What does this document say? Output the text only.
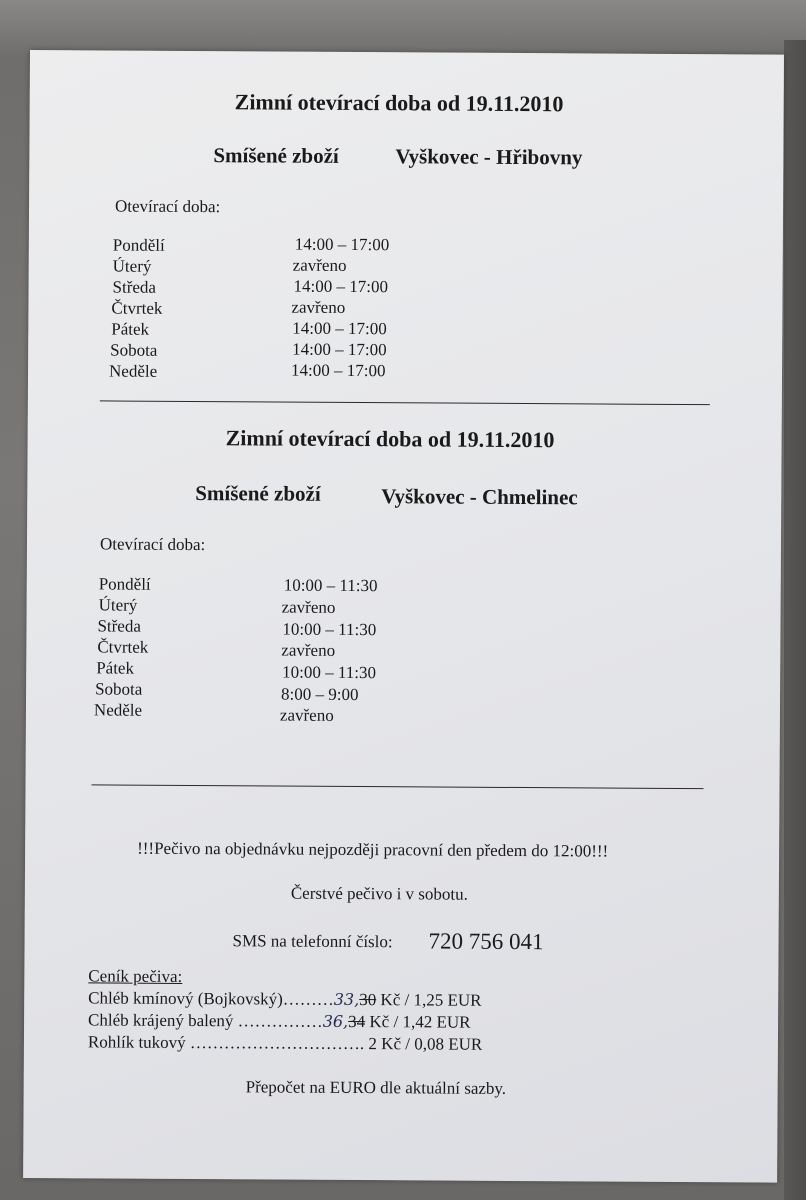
Zimní otevírací doba od 19.11.2010
Smíšené zboží	Vyškovec - Hřibovny
Otevírací doba:
Pondělí	14:00 – 17:00
Úterý	zavřeno
Středa	14:00 – 17:00
Čtvrtek	zavřeno
Pátek	14:00 – 17:00
Sobota	14:00 – 17:00
Neděle	14:00 – 17:00
Zimní otevírací doba od 19.11.2010
Smíšené zboží	Vyškovec - Chmelinec
Otevírací doba:
Pondělí	10:00 – 11:30
Úterý	zavřeno
Středa	10:00 – 11:30
Čtvrtek	zavřeno
Pátek	10:00 – 11:30
Sobota	8:00 – 9:00
Neděle	zavřeno
!!!Pečivo na objednávku nejpozději pracovní den předem do 12:00!!!
Čerstvé pečivo i v sobotu.
SMS na telefonní číslo: 720 756 041
Ceník pečiva:
Chléb kmínový (Bojkovský)………33,30 Kč / 1,25 EUR
Chléb krájený balený ……………36,34 Kč / 1,42 EUR
Rohlík tukový …………………………. 2 Kč / 0,08 EUR
Přepočet na EURO dle aktuální sazby.
